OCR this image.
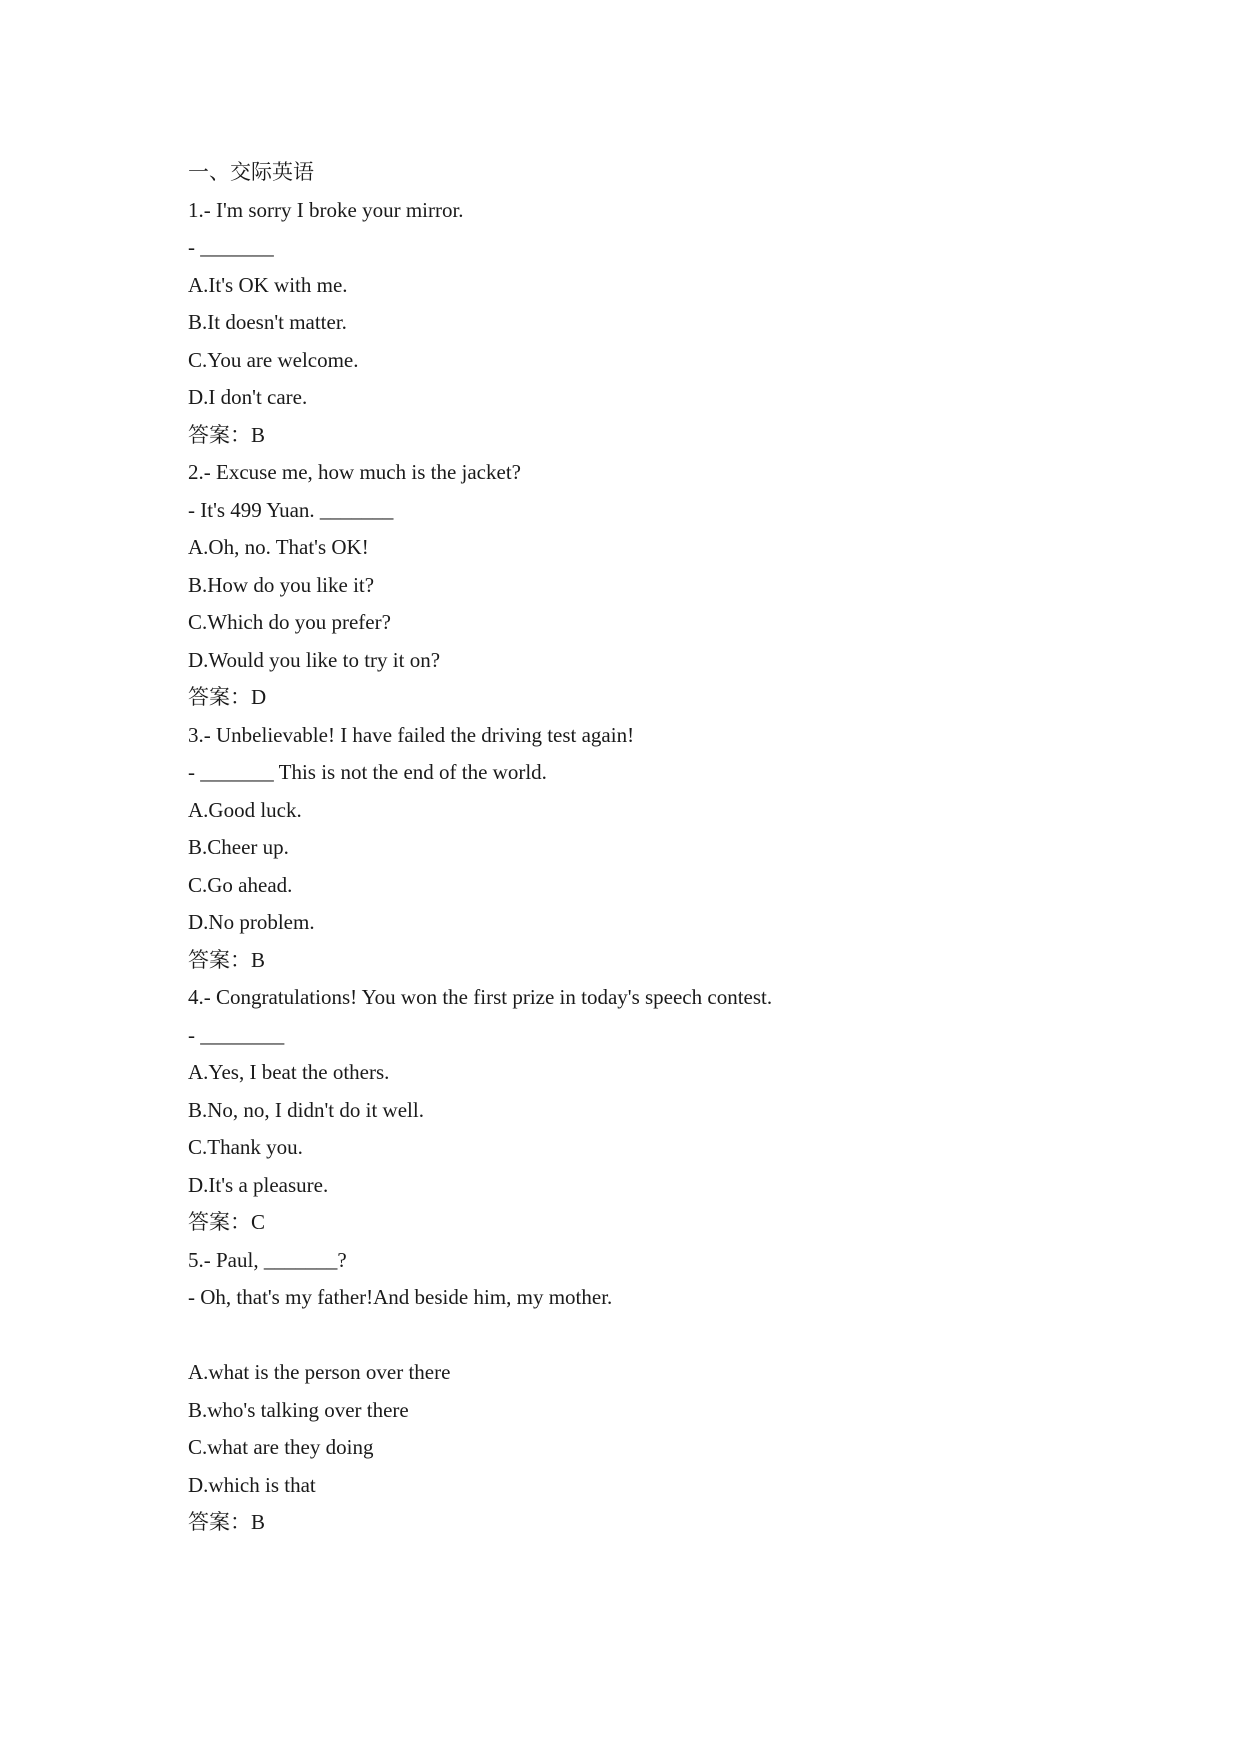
一、交际英语
1.- I'm sorry I broke your mirror.
- _______
A.It's OK with me.
B.It doesn't matter.
C.You are welcome.
D.I don't care.
答案：B
2.- Excuse me, how much is the jacket?
- It's 499 Yuan. _______
A.Oh, no. That's OK!
B.How do you like it?
C.Which do you prefer?
D.Would you like to try it on?
答案：D
3.- Unbelievable! I have failed the driving test again!
- _______ This is not the end of the world.
A.Good luck.
B.Cheer up.
C.Go ahead.
D.No problem.
答案：B
4.- Congratulations! You won the first prize in today's speech contest.
- ________
A.Yes, I beat the others.
B.No, no, I didn't do it well.
C.Thank you.
D.It's a pleasure.
答案：C
5.- Paul, _______?
- Oh, that's my father!And beside him, my mother.
A.what is the person over there
B.who's talking over there
C.what are they doing
D.which is that
答案：B
